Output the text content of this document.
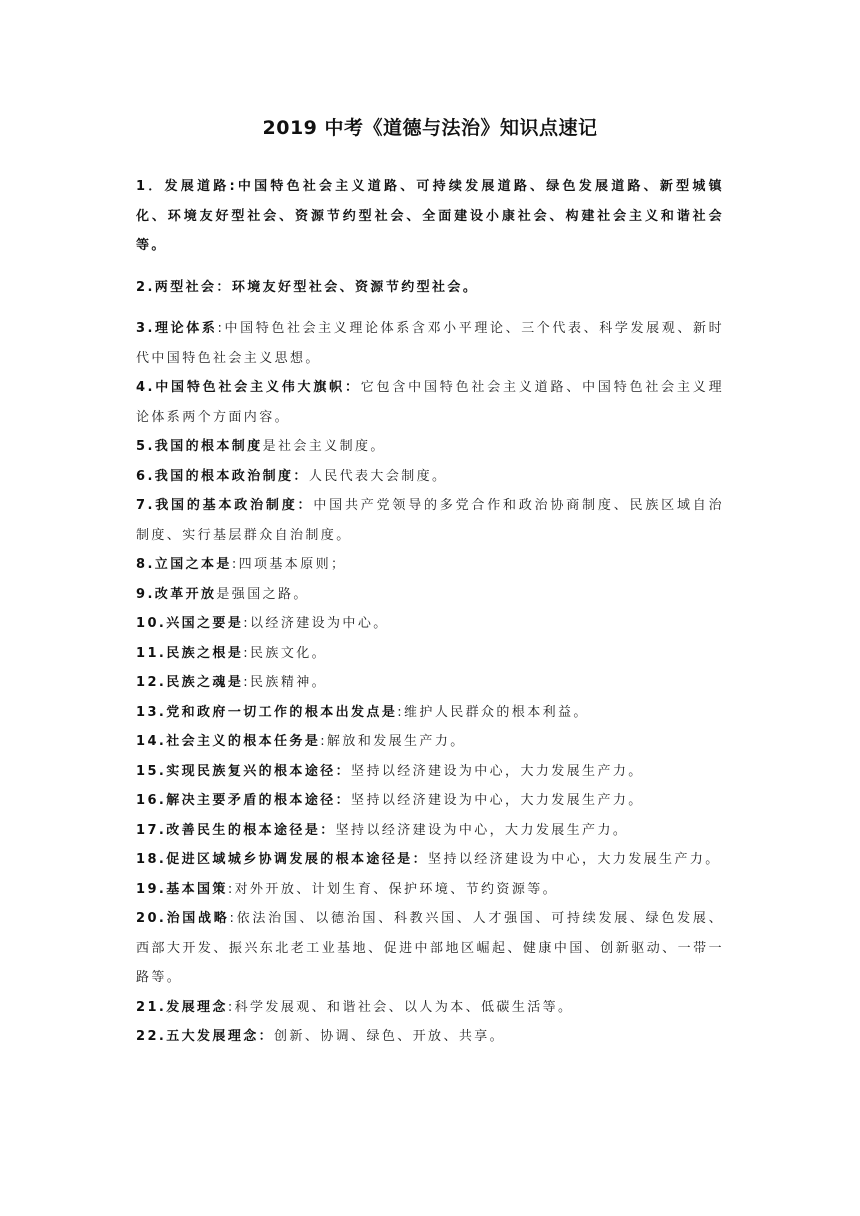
2019 中考《道德与法治》知识点速记

1．发展道路:中国特色社会主义道路、可持续发展道路、绿色发展道路、新型城镇化、环境友好型社会、资源节约型社会、全面建设小康社会、构建社会主义和谐社会等。

2.两型社会：环境友好型社会、资源节约型社会。

3.理论体系:中国特色社会主义理论体系含邓小平理论、三个代表、科学发展观、新时代中国特色社会主义思想。

4.中国特色社会主义伟大旗帜：它包含中国特色社会主义道路、中国特色社会主义理论体系两个方面内容。

5.我国的根本制度是社会主义制度。

6.我国的根本政治制度：人民代表大会制度。

7.我国的基本政治制度：中国共产党领导的多党合作和政治协商制度、民族区域自治制度、实行基层群众自治制度。

8.立国之本是:四项基本原则；

9.改革开放是强国之路。

10.兴国之要是:以经济建设为中心。

11.民族之根是:民族文化。

12.民族之魂是:民族精神。

13.党和政府一切工作的根本出发点是:维护人民群众的根本利益。

14.社会主义的根本任务是:解放和发展生产力。

15.实现民族复兴的根本途径：坚持以经济建设为中心，大力发展生产力。

16.解决主要矛盾的根本途径：坚持以经济建设为中心，大力发展生产力。

17.改善民生的根本途径是：坚持以经济建设为中心，大力发展生产力。

18.促进区域城乡协调发展的根本途径是：坚持以经济建设为中心，大力发展生产力。

19.基本国策:对外开放、计划生育、保护环境、节约资源等。

20.治国战略:依法治国、以德治国、科教兴国、人才强国、可持续发展、绿色发展、西部大开发、振兴东北老工业基地、促进中部地区崛起、健康中国、创新驱动、一带一路等。

21.发展理念:科学发展观、和谐社会、以人为本、低碳生活等。

22.五大发展理念：创新、协调、绿色、开放、共享。
